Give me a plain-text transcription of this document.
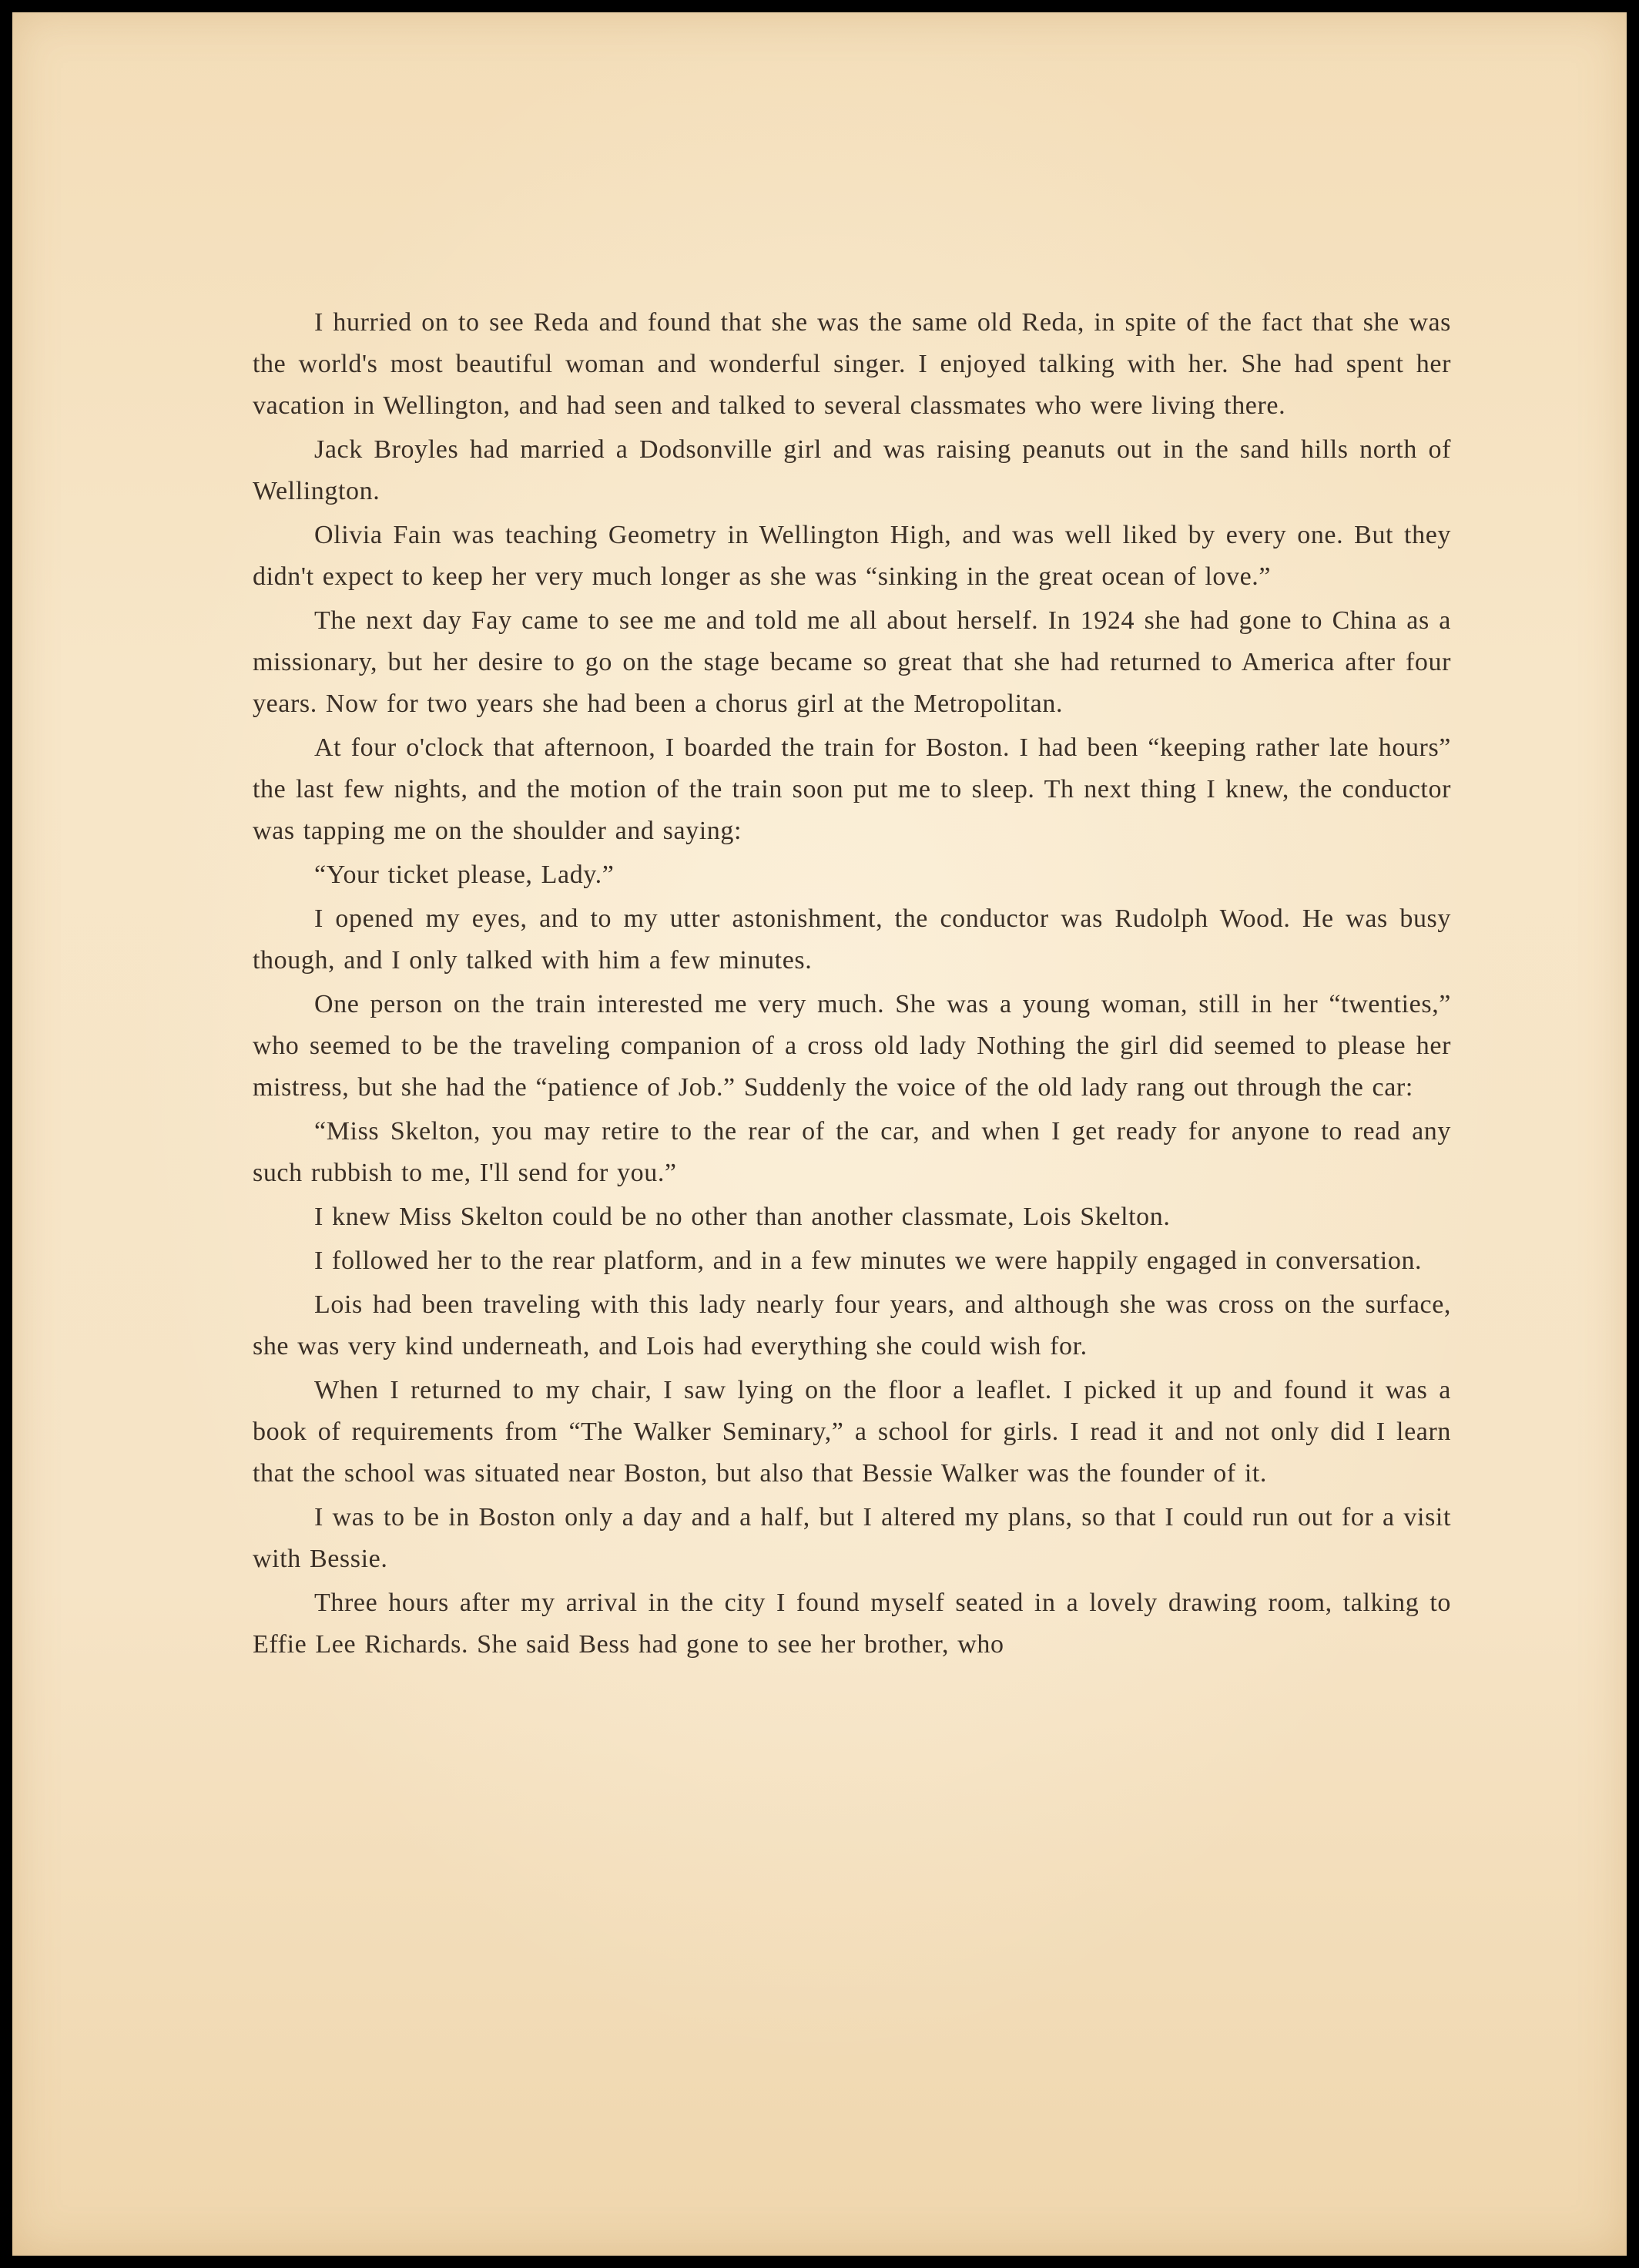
I hurried on to see Reda and found that she was the same old Reda, in spite of the fact that she was the world's most beautiful woman and wonderful singer. I enjoyed talking with her. She had spent her vacation in Wellington, and had seen and talked to several classmates who were living there.

Jack Broyles had married a Dodsonville girl and was raising peanuts out in the sand hills north of Wellington.

Olivia Fain was teaching Geometry in Wellington High, and was well liked by every one. But they didn't expect to keep her very much longer as she was “sinking in the great ocean of love.”

The next day Fay came to see me and told me all about herself. In 1924 she had gone to China as a missionary, but her desire to go on the stage became so great that she had returned to America after four years. Now for two years she had been a chorus girl at the Metropolitan.

At four o'clock that afternoon, I boarded the train for Boston. I had been “keeping rather late hours” the last few nights, and the motion of the train soon put me to sleep. Th next thing I knew, the conductor was tapping me on the shoulder and saying:

“Your ticket please, Lady.”

I opened my eyes, and to my utter astonishment, the conductor was Rudolph Wood. He was busy though, and I only talked with him a few minutes.

One person on the train interested me very much. She was a young woman, still in her “twenties,” who seemed to be the traveling companion of a cross old lady Nothing the girl did seemed to please her mistress, but she had the “patience of Job.” Suddenly the voice of the old lady rang out through the car:

“Miss Skelton, you may retire to the rear of the car, and when I get ready for anyone to read any such rubbish to me, I'll send for you.”

I knew Miss Skelton could be no other than another classmate, Lois Skelton.

I followed her to the rear platform, and in a few minutes we were happily engaged in conversation.

Lois had been traveling with this lady nearly four years, and although she was cross on the surface, she was very kind underneath, and Lois had everything she could wish for.

When I returned to my chair, I saw lying on the floor a leaflet. I picked it up and found it was a book of requirements from “The Walker Seminary,” a school for girls. I read it and not only did I learn that the school was situated near Boston, but also that Bessie Walker was the founder of it.

I was to be in Boston only a day and a half, but I altered my plans, so that I could run out for a visit with Bessie.

Three hours after my arrival in the city I found myself seated in a lovely drawing room, talking to Effie Lee Richards. She said Bess had gone to see her brother, who
